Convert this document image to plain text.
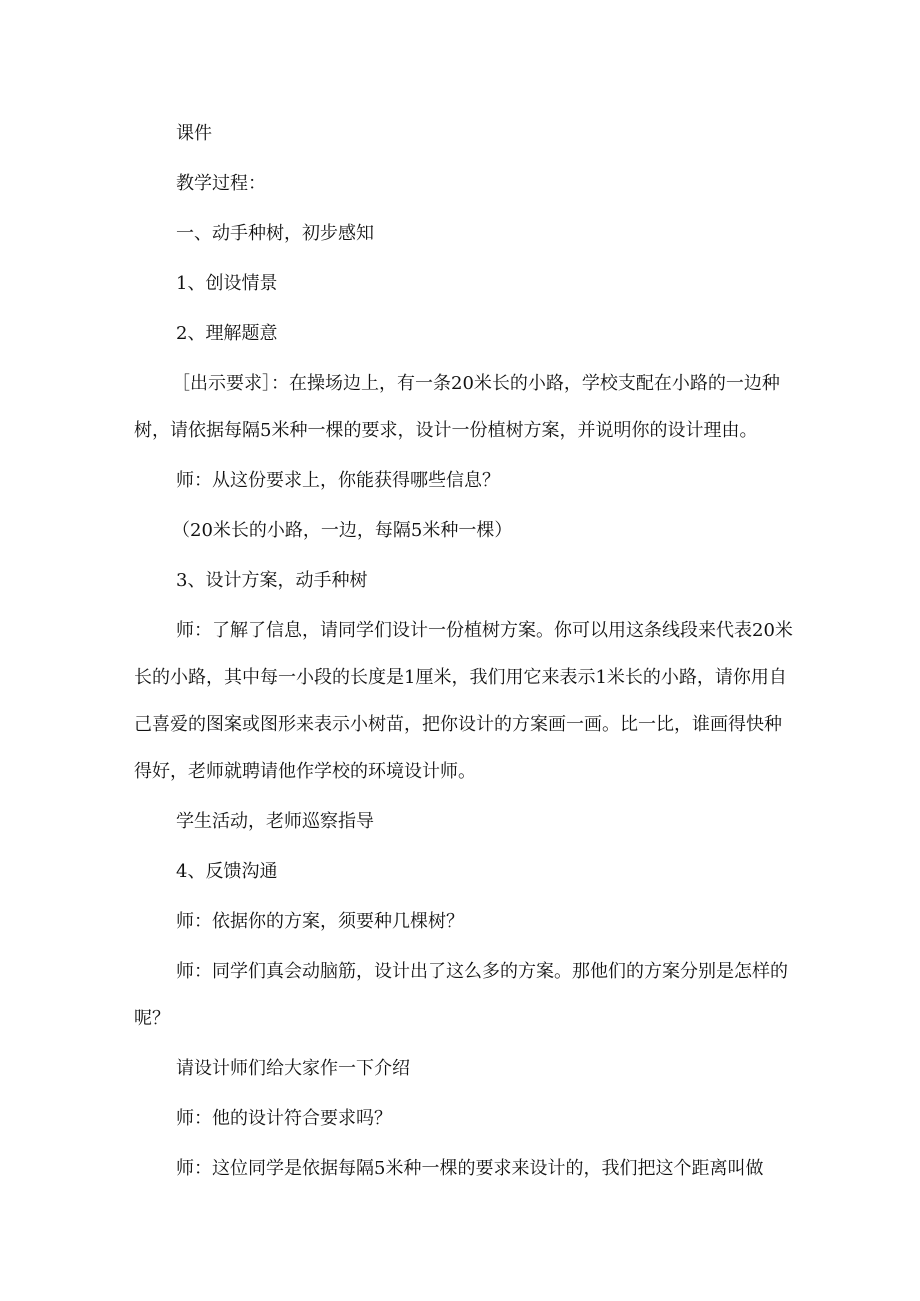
课件

教学过程：

一、动手种树，初步感知

1、创设情景

2、理解题意

［出示要求］：在操场边上，有一条20米长的小路，学校支配在小路的一边种树，请依据每隔5米种一棵的要求，设计一份植树方案，并说明你的设计理由。

师：从这份要求上，你能获得哪些信息？

（20米长的小路，一边，每隔5米种一棵）

3、设计方案，动手种树

师：了解了信息，请同学们设计一份植树方案。你可以用这条线段来代表20米长的小路，其中每一小段的长度是1厘米，我们用它来表示1米长的小路，请你用自己喜爱的图案或图形来表示小树苗，把你设计的方案画一画。比一比，谁画得快种得好，老师就聘请他作学校的环境设计师。

学生活动，老师巡察指导

4、反馈沟通

师：依据你的方案，须要种几棵树？

师：同学们真会动脑筋，设计出了这么多的方案。那他们的方案分别是怎样的呢？

请设计师们给大家作一下介绍

师：他的设计符合要求吗？

师：这位同学是依据每隔5米种一棵的要求来设计的，我们把这个距离叫做
